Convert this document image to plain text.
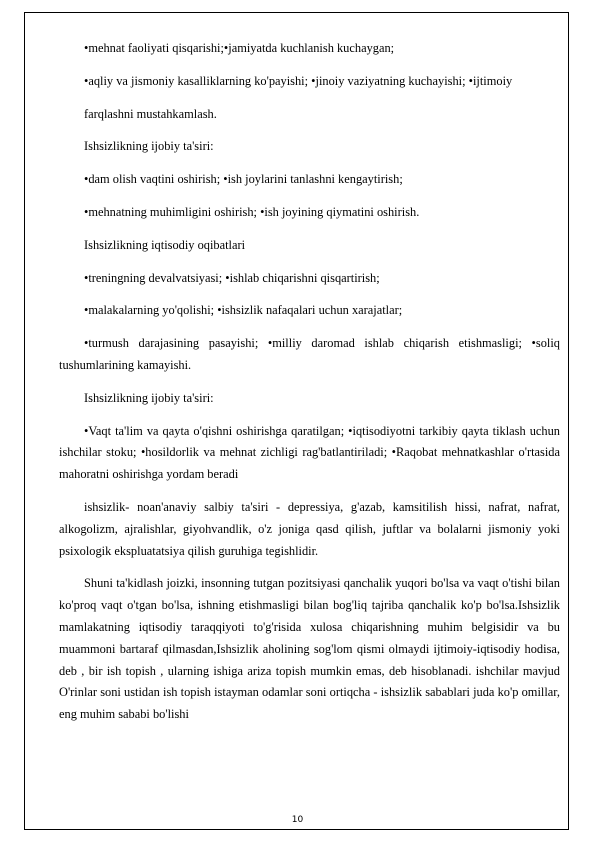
•mehnat faoliyati qisqarishi;•jamiyatda kuchlanish kuchaygan;

•aqliy va jismoniy kasalliklarning ko'payishi; •jinoiy vaziyatning kuchayishi; •ijtimoiy

farqlashni mustahkamlash.

Ishsizlikning ijobiy ta'siri:

•dam olish vaqtini oshirish; •ish joylarini tanlashni kengaytirish;

•mehnatning muhimligini oshirish; •ish joyining qiymatini oshirish.

Ishsizlikning iqtisodiy oqibatlari

•treningning devalvatsiyasi; •ishlab chiqarishni qisqartirish;

•malakalarning yo'qolishi; •ishsizlik nafaqalari uchun xarajatlar;

•turmush darajasining pasayishi; •milliy daromad ishlab chiqarish etishmasligi; •soliq tushumlarining kamayishi.

Ishsizlikning ijobiy ta'siri:

•Vaqt ta'lim va qayta o'qishni oshirishga qaratilgan; •iqtisodiyotni tarkibiy qayta tiklash uchun ishchilar stoku; •hosildorlik va mehnat zichligi rag'batlantiriladi; •Raqobat mehnatkashlar o'rtasida mahoratni oshirishga yordam beradi

ishsizlik- noan'anaviy salbiy ta'siri - depressiya, g'azab, kamsitilish hissi, nafrat, nafrat, alkogolizm, ajralishlar, giyohvandlik, o'z joniga qasd qilish, juftlar va bolalarni jismoniy yoki psixologik ekspluatatsiya qilish guruhiga tegishlidir.

Shuni ta'kidlash joizki, insonning tutgan pozitsiyasi qanchalik yuqori bo'lsa va vaqt o'tishi bilan ko'proq vaqt o'tgan bo'lsa, ishning etishmasligi bilan bog'liq tajriba qanchalik ko'p bo'lsa.Ishsizlik mamlakatning iqtisodiy taraqqiyoti to'g'risida xulosa chiqarishning muhim belgisidir va bu muammoni bartaraf qilmasdan,Ishsizlik aholining sog'lom qismi olmaydi ijtimoiy-iqtisodiy hodisa, deb , bir ish topish , ularning ishiga ariza topish mumkin emas, deb hisoblanadi. ishchilar mavjud O'rinlar soni ustidan ish topish istayman odamlar soni ortiqcha - ishsizlik sabablari juda ko'p omillar, eng muhim sababi bo'lishi

10
